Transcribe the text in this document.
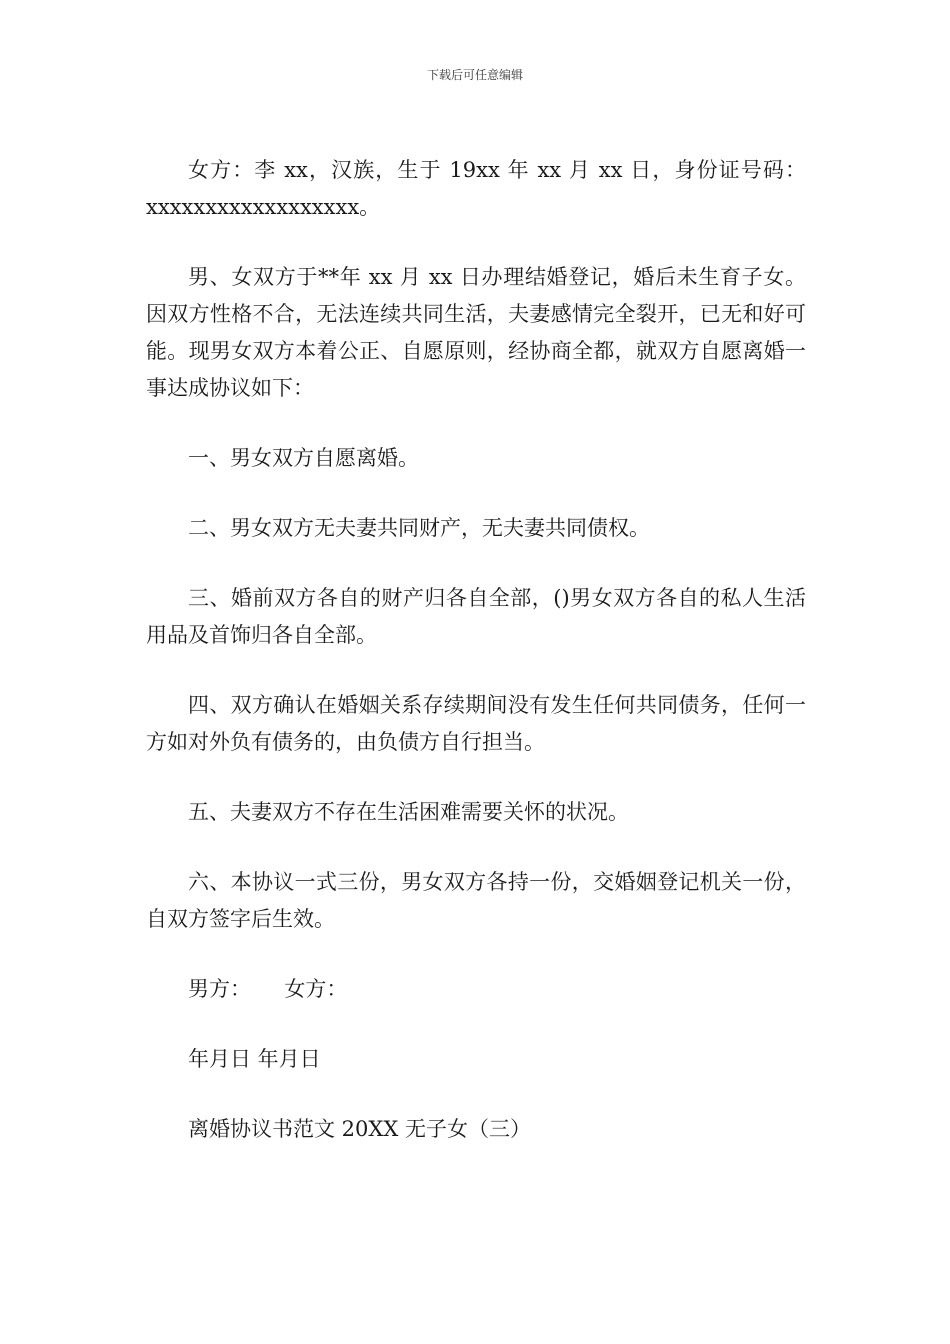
下载后可任意编辑

女方：李 xx，汉族，生于 19xx 年 xx 月 xx 日，身份证号码：xxxxxxxxxxxxxxxxxx。

男、女双方于**年 xx 月 xx 日办理结婚登记，婚后未生育子女。因双方性格不合，无法连续共同生活，夫妻感情完全裂开，已无和好可能。现男女双方本着公正、自愿原则，经协商全都，就双方自愿离婚一事达成协议如下：

一、男女双方自愿离婚。

二、男女双方无夫妻共同财产，无夫妻共同债权。

三、婚前双方各自的财产归各自全部，()男女双方各自的私人生活用品及首饰归各自全部。

四、双方确认在婚姻关系存续期间没有发生任何共同债务，任何一方如对外负有债务的，由负债方自行担当。

五、夫妻双方不存在生活困难需要关怀的状况。

六、本协议一式三份，男女双方各持一份，交婚姻登记机关一份，自双方签字后生效。

男方：     女方：

年月日 年月日

离婚协议书范文 20XX 无子女（三）
